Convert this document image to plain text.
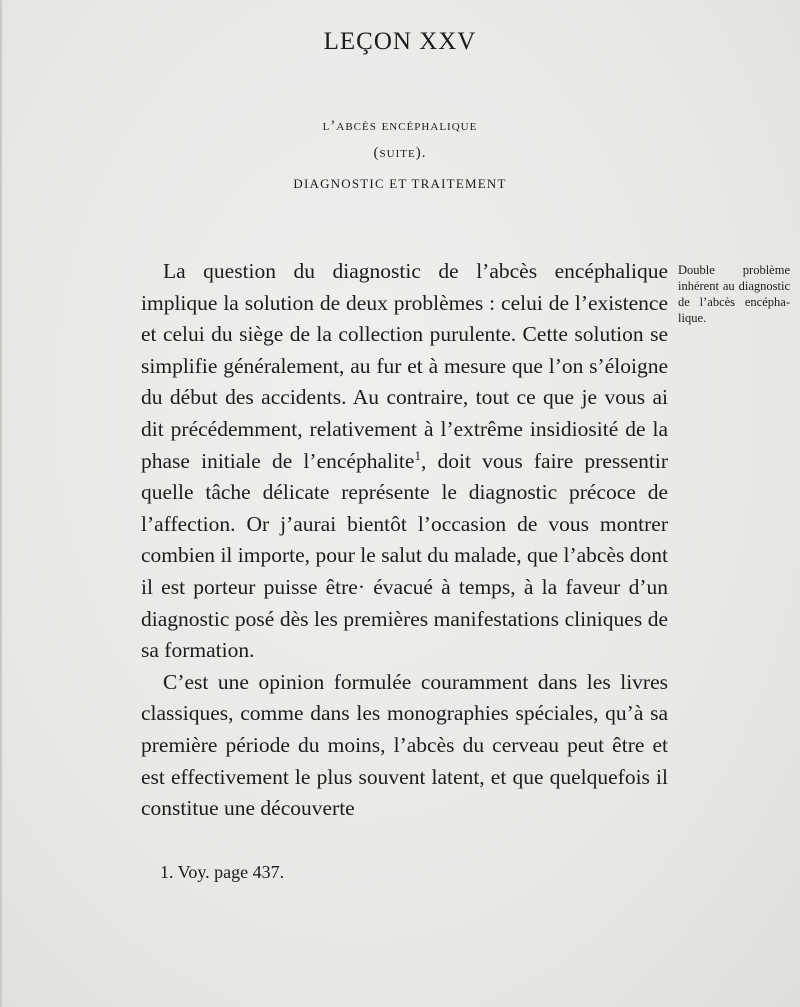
LEÇON XXV
l’abcès encéphalique
(suite).
DIAGNOSTIC ET TRAITEMENT

La question du diagnostic de l’abcès encéphalique implique la solution de deux problèmes : celui de l’existence et celui du siège de la collection purulente. Cette solution se simplifie généralement, au fur et à mesure que l’on s’éloigne du début des accidents. Au contraire, tout ce que je vous ai dit précédemment, relativement à l’extrême insidiosité de la phase initiale de l’encéphalite$^1$, doit vous faire pressentir quelle tâche délicate représente le diagnostic précoce de l’affection. Or j’aurai bientôt l’occasion de vous montrer combien il importe, pour le salut du malade, que l’abcès dont il est porteur puisse être· évacué à temps, à la faveur d’un diagnostic posé dès les premières manifestations cliniques de sa formation.

C’est une opinion formulée couramment dans les livres classiques, comme dans les monographies spéciales, qu’à sa première période du moins, l’abcès du cerveau peut être et est effectivement le plus souvent latent, et que quelquefois il constitue une découverte

Double problème inhérent au diagnostic de l’abcès encéphalique.
1. Voy. page 437.
